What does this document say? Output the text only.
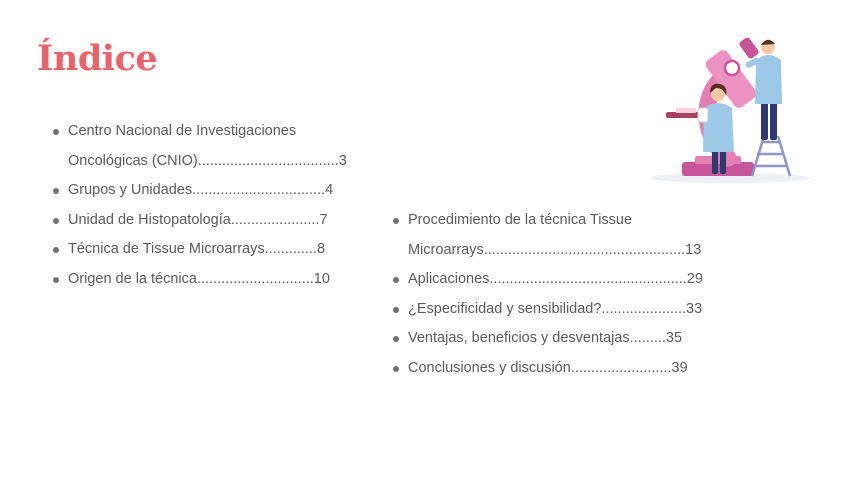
Índice
Centro Nacional de Investigaciones
Oncológicas (CNIO)...................................3
Grupos y Unidades.................................4
Unidad de Histopatología......................7
Técnica de Tissue Microarrays.............8
Origen de la técnica.............................10
Procedimiento de la técnica Tissue
Microarrays..................................................13
Aplicaciones.................................................29
¿Especificidad y sensibilidad?.....................33
Ventajas, beneficios y desventajas.........35
Conclusiones y discusión.........................39
